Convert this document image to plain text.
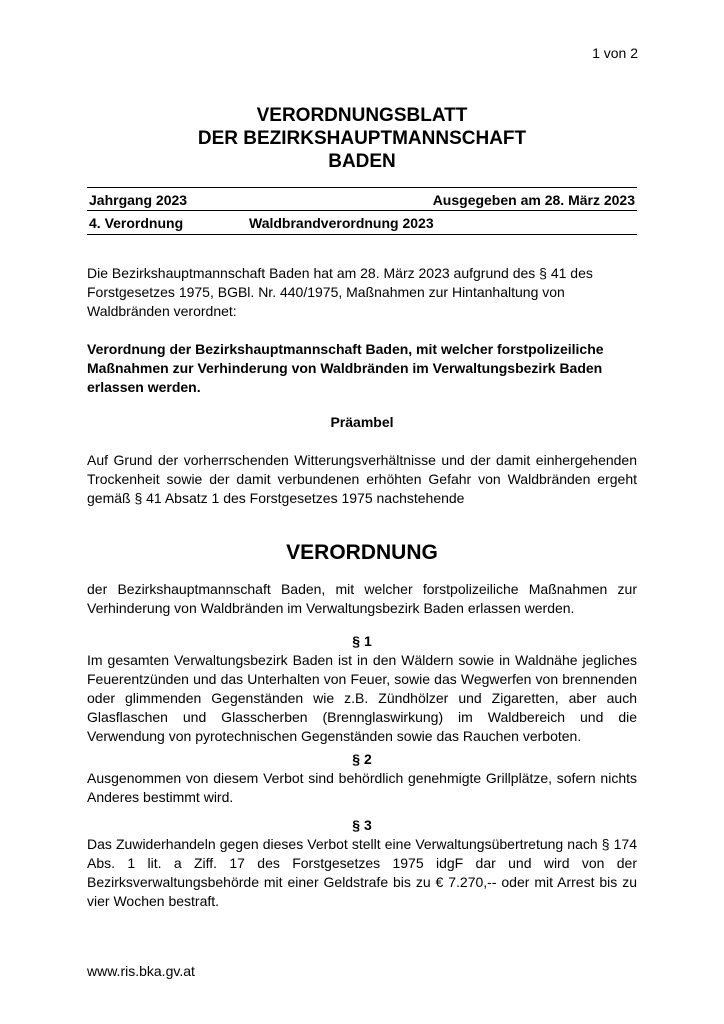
1 von 2
VERORDNUNGSBLATT
DER BEZIRKSHAUPTMANNSCHAFT
BADEN
Jahrgang 2023	Ausgegeben am 28. März 2023
4. Verordnung	Waldbrandverordnung 2023
Die Bezirkshauptmannschaft Baden hat am 28. März 2023 aufgrund des § 41 des Forstgesetzes 1975, BGBl. Nr. 440/1975, Maßnahmen zur Hintanhaltung von Waldbränden verordnet:
Verordnung der Bezirkshauptmannschaft Baden, mit welcher forstpolizeiliche Maßnahmen zur Verhinderung von Waldbränden im Verwaltungsbezirk Baden erlassen werden.
Präambel
Auf Grund der vorherrschenden Witterungsverhältnisse und der damit einhergehenden Trockenheit sowie der damit verbundenen erhöhten Gefahr von Waldbränden ergeht gemäß § 41 Absatz 1 des Forstgesetzes 1975 nachstehende
VERORDNUNG
der Bezirkshauptmannschaft Baden, mit welcher forstpolizeiliche Maßnahmen zur Verhinderung von Waldbränden im Verwaltungsbezirk Baden erlassen werden.
§ 1
Im gesamten Verwaltungsbezirk Baden ist in den Wäldern sowie in Waldnähe jegliches Feuerentzünden und das Unterhalten von Feuer, sowie das Wegwerfen von brennenden oder glimmenden Gegenständen wie z.B. Zündhölzer und Zigaretten, aber auch Glasflaschen und Glasscherben (Brennglaswirkung) im Waldbereich und die Verwendung von pyrotechnischen Gegenständen sowie das Rauchen verboten.
§ 2
Ausgenommen von diesem Verbot sind behördlich genehmigte Grillplätze, sofern nichts Anderes bestimmt wird.
§ 3
Das Zuwiderhandeln gegen dieses Verbot stellt eine Verwaltungsübertretung nach § 174 Abs. 1 lit. a Ziff. 17 des Forstgesetzes 1975 idgF dar und wird von der Bezirksverwaltungsbehörde mit einer Geldstrafe bis zu € 7.270,-- oder mit Arrest bis zu vier Wochen bestraft.
www.ris.bka.gv.at
